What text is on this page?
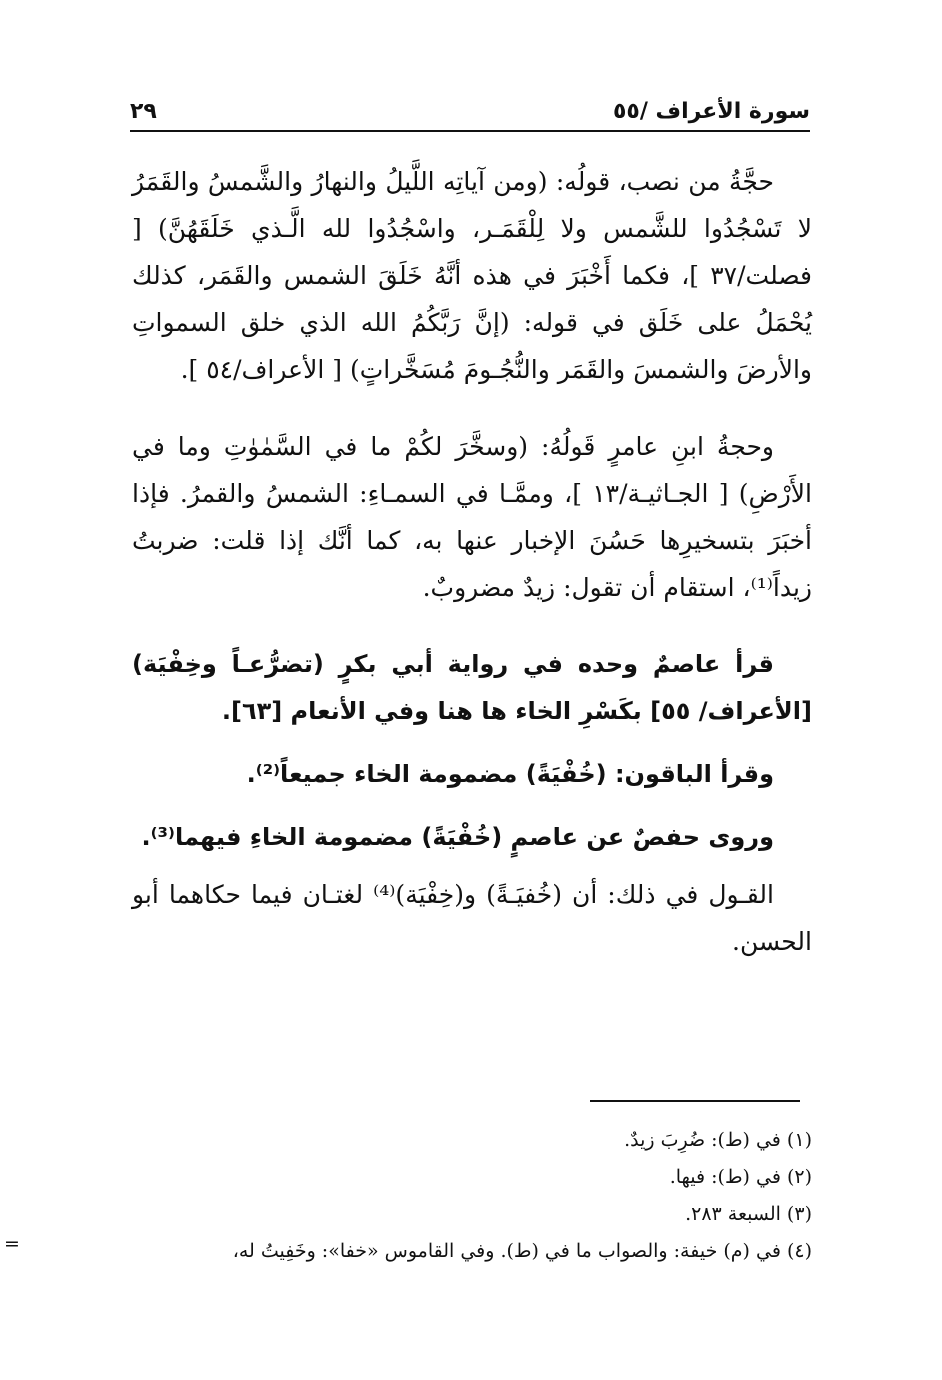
سورة الأعراف /٥٥
٢٩

حجَّةُ من نصب، قولُه: (ومن آياتِه اللَّيلُ والنهارُ والشَّمسُ والقَمَرُ لا تَسْجُدُوا للشَّمس ولا لِلْقَمَـر، واسْجُدُوا لله الَّـذي خَلَقَهُنَّ) [ فصلت/٣٧ ]، فكما أَخْبَرَ في هذه أنَّهُ خَلَقَ الشمس والقَمَر، كذلك يُحْمَلُ على خَلَق في قوله: (إنَّ رَبَّكُمُ الله الذي خلق السمواتِ والأرضَ والشمسَ والقَمَر والنُّجُـومَ مُسَخَّراتٍ) [ الأعراف/٥٤ ].

وحجةُ ابنِ عامرٍ قَولُهُ: (وسخَّرَ لكُمْ ما في السَّمٰوٰتِ وما في الأَرْضِ) [ الجـاثيـة/١٣ ]، وممَّـا في السمـاءِ: الشمسُ والقمرُ. فإذا أخبَرَ بتسخيرِها حَسُنَ الإخبار عنها به، كما أنَّك إذا قلت: ضربتُ زيداً⁽¹⁾، استقام أن تقول: زيدٌ مضروبٌ.

قرأ عاصمٌ وحده في رواية أبي بكرٍ (تضرُّعـاً وخِفْيَة) [الأعراف/ ٥٥] بكَسْرِ الخاء ها هنا وفي الأنعام [٦٣].

وقرأ الباقون: (خُفْيَةً) مضمومة الخاء جميعاً⁽²⁾.

وروى حفصٌ عن عاصمٍ (خُفْيَةً) مضمومة الخاءِ فيهما⁽³⁾.

القـول في ذلك: أن (خُفيَـةً) و(خِفْيَة)⁽⁴⁾ لغتـان فيما حكاهما أبو الحسن.

(١) في (ط): ضُرِبَ زيدٌ.

(٢) في (ط): فيها.

(٣) السبعة ٢٨٣.

(٤) في (م) خيفة: والصواب ما في (ط). وفي القاموس «خفا»: وخَفِيتُ له،

=
